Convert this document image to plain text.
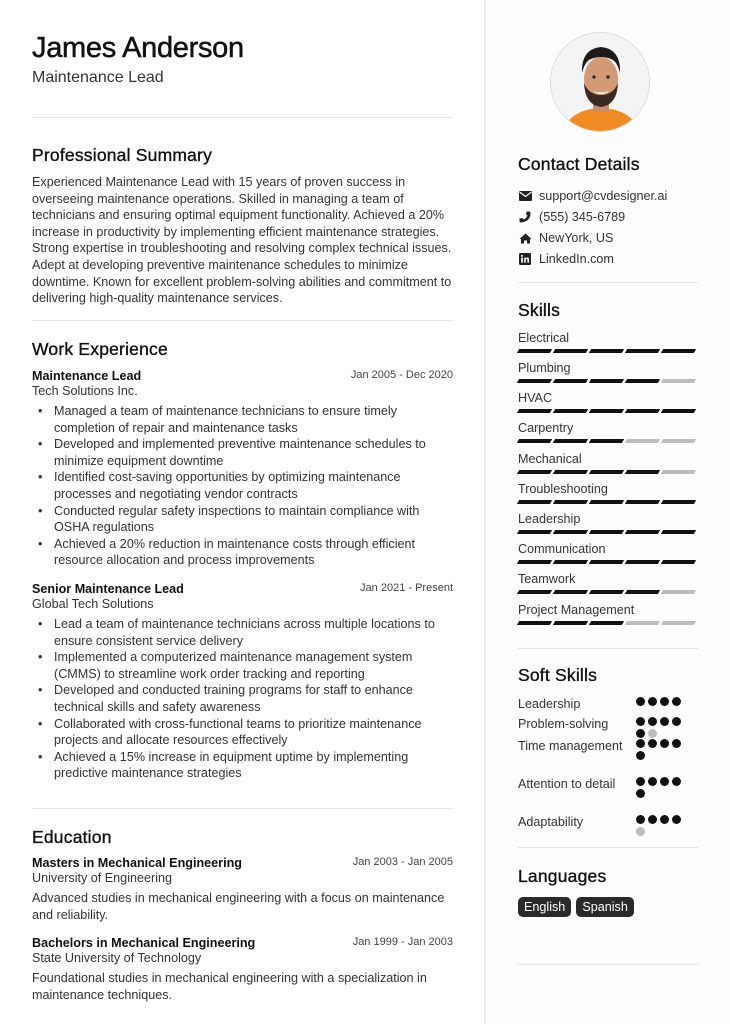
James Anderson
Maintenance Lead
Professional Summary
Experienced Maintenance Lead with 15 years of proven success in overseeing maintenance operations. Skilled in managing a team of technicians and ensuring optimal equipment functionality. Achieved a 20% increase in productivity by implementing efficient maintenance strategies. Strong expertise in troubleshooting and resolving complex technical issues. Adept at developing preventive maintenance schedules to minimize downtime. Known for excellent problem-solving abilities and commitment to delivering high-quality maintenance services.
Work Experience
Maintenance Lead	Jan 2005 - Dec 2020
Tech Solutions Inc.
• Managed a team of maintenance technicians to ensure timely completion of repair and maintenance tasks
• Developed and implemented preventive maintenance schedules to minimize equipment downtime
• Identified cost-saving opportunities by optimizing maintenance processes and negotiating vendor contracts
• Conducted regular safety inspections to maintain compliance with OSHA regulations
• Achieved a 20% reduction in maintenance costs through efficient resource allocation and process improvements
Senior Maintenance Lead	Jan 2021 - Present
Global Tech Solutions
• Lead a team of maintenance technicians across multiple locations to ensure consistent service delivery
• Implemented a computerized maintenance management system (CMMS) to streamline work order tracking and reporting
• Developed and conducted training programs for staff to enhance technical skills and safety awareness
• Collaborated with cross-functional teams to prioritize maintenance projects and allocate resources effectively
• Achieved a 15% increase in equipment uptime by implementing predictive maintenance strategies
Education
Masters in Mechanical Engineering	Jan 2003 - Jan 2005
University of Engineering
Advanced studies in mechanical engineering with a focus on maintenance and reliability.
Bachelors in Mechanical Engineering	Jan 1999 - Jan 2003
State University of Technology
Foundational studies in mechanical engineering with a specialization in maintenance techniques.
Contact Details
support@cvdesigner.ai
(555) 345-6789
NewYork, US
LinkedIn.com
Skills
Electrical
Plumbing
HVAC
Carpentry
Mechanical
Troubleshooting
Leadership
Communication
Teamwork
Project Management
Soft Skills
Leadership
Problem-solving
Time management
Attention to detail
Adaptability
Languages
English	Spanish
